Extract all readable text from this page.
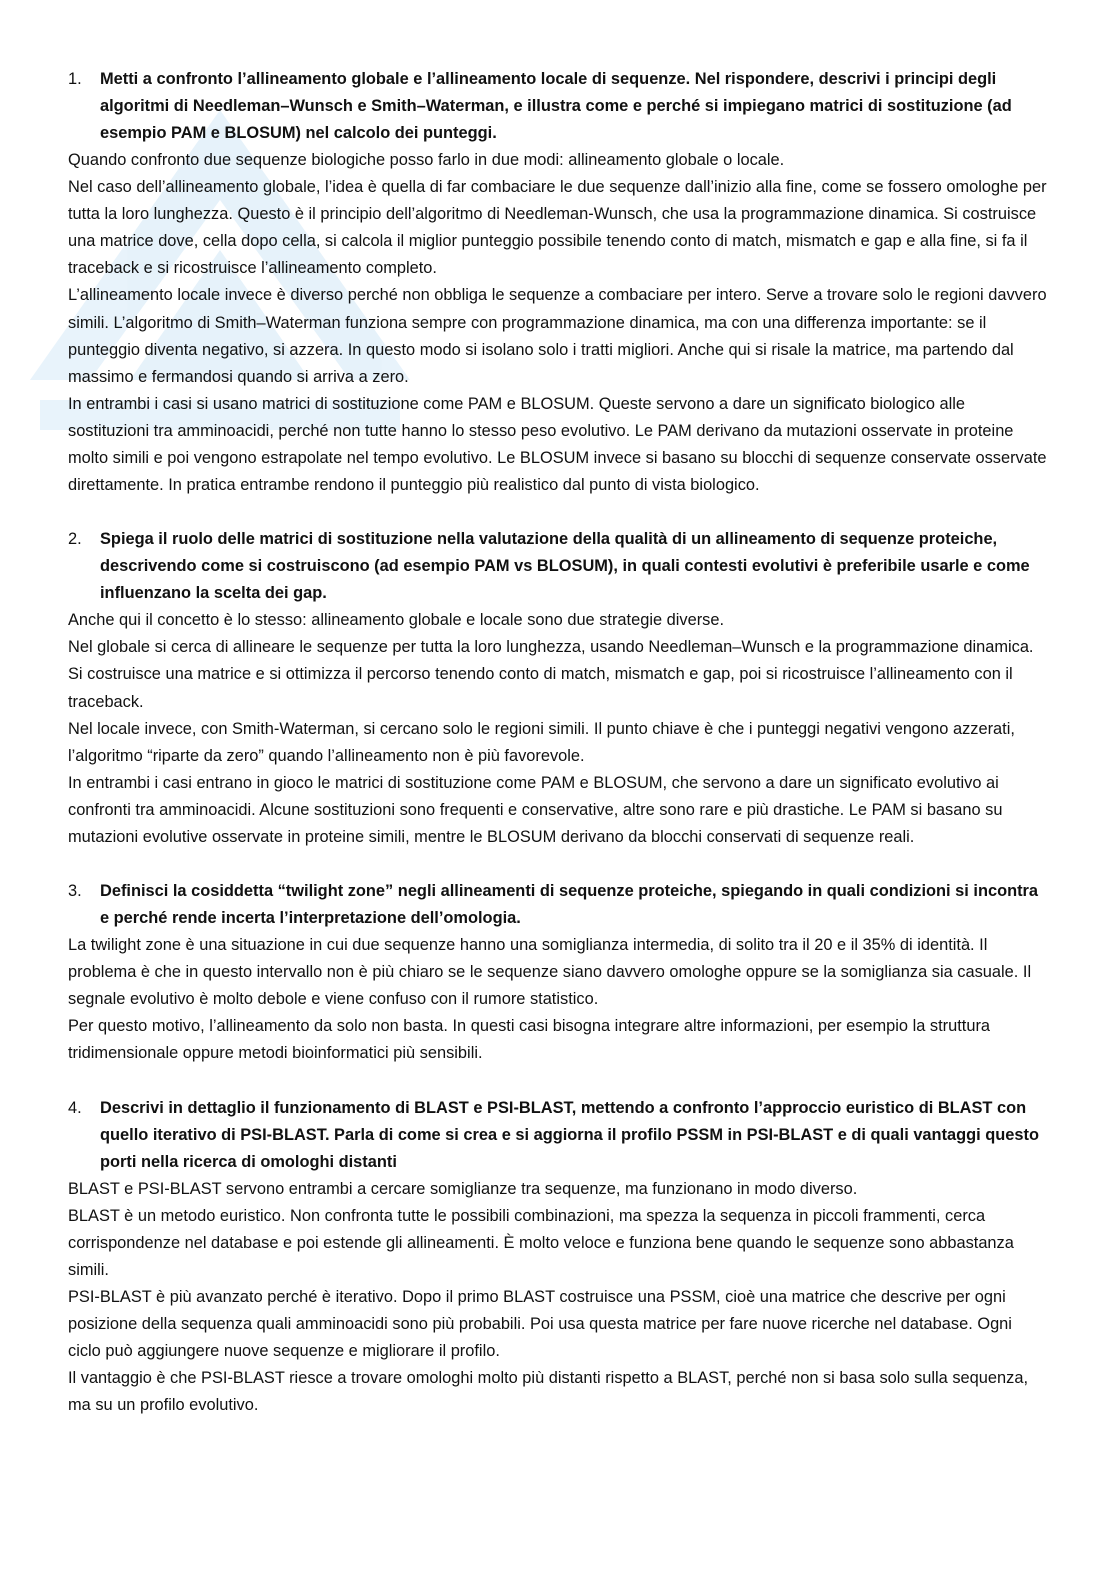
1.	Metti a confronto l’allineamento globale e l’allineamento locale di sequenze. Nel rispondere, descrivi i principi degli algoritmi di Needleman–Wunsch e Smith–Waterman, e illustra come e perché si impiegano matrici di sostituzione (ad esempio PAM e BLOSUM) nel calcolo dei punteggi.

Quando confronto due sequenze biologiche posso farlo in due modi: allineamento globale o locale.

Nel caso dell’allineamento globale, l’idea è quella di far combaciare le due sequenze dall’inizio alla fine, come se fossero omologhe per tutta la loro lunghezza. Questo è il principio dell’algoritmo di Needleman-Wunsch, che usa la programmazione dinamica. Si costruisce una matrice dove, cella dopo cella, si calcola il miglior punteggio possibile tenendo conto di match, mismatch e gap e alla fine, si fa il traceback e si ricostruisce l’allineamento completo.

L’allineamento locale invece è diverso perché non obbliga le sequenze a combaciare per intero. Serve a trovare solo le regioni davvero simili. L’algoritmo di Smith–Waterman funziona sempre con programmazione dinamica, ma con una differenza importante: se il punteggio diventa negativo, si azzera. In questo modo si isolano solo i tratti migliori. Anche qui si risale la matrice, ma partendo dal massimo e fermandosi quando si arriva a zero.

In entrambi i casi si usano matrici di sostituzione come PAM e BLOSUM. Queste servono a dare un significato biologico alle sostituzioni tra amminoacidi, perché non tutte hanno lo stesso peso evolutivo. Le PAM derivano da mutazioni osservate in proteine molto simili e poi vengono estrapolate nel tempo evolutivo. Le BLOSUM invece si basano su blocchi di sequenze conservate osservate direttamente. In pratica entrambe rendono il punteggio più realistico dal punto di vista biologico.

2.	Spiega il ruolo delle matrici di sostituzione nella valutazione della qualità di un allineamento di sequenze proteiche, descrivendo come si costruiscono (ad esempio PAM vs BLOSUM), in quali contesti evolutivi è preferibile usarle e come influenzano la scelta dei gap.

Anche qui il concetto è lo stesso: allineamento globale e locale sono due strategie diverse.

Nel globale si cerca di allineare le sequenze per tutta la loro lunghezza, usando Needleman–Wunsch e la programmazione dinamica. Si costruisce una matrice e si ottimizza il percorso tenendo conto di match, mismatch e gap, poi si ricostruisce l’allineamento con il traceback.

Nel locale invece, con Smith-Waterman, si cercano solo le regioni simili. Il punto chiave è che i punteggi negativi vengono azzerati, l’algoritmo “riparte da zero” quando l’allineamento non è più favorevole.

In entrambi i casi entrano in gioco le matrici di sostituzione come PAM e BLOSUM, che servono a dare un significato evolutivo ai confronti tra amminoacidi. Alcune sostituzioni sono frequenti e conservative, altre sono rare e più drastiche. Le PAM si basano su mutazioni evolutive osservate in proteine simili, mentre le BLOSUM derivano da blocchi conservati di sequenze reali.

3.	Definisci la cosiddetta “twilight zone” negli allineamenti di sequenze proteiche, spiegando in quali condizioni si incontra e perché rende incerta l’interpretazione dell’omologia.

La twilight zone è una situazione in cui due sequenze hanno una somiglianza intermedia, di solito tra il 20 e il 35% di identità. Il problema è che in questo intervallo non è più chiaro se le sequenze siano davvero omologhe oppure se la somiglianza sia casuale. Il segnale evolutivo è molto debole e viene confuso con il rumore statistico.

Per questo motivo, l’allineamento da solo non basta. In questi casi bisogna integrare altre informazioni, per esempio la struttura tridimensionale oppure metodi bioinformatici più sensibili.

4.	Descrivi in dettaglio il funzionamento di BLAST e PSI-BLAST, mettendo a confronto l’approccio euristico di BLAST con quello iterativo di PSI-BLAST. Parla di come si crea e si aggiorna il profilo PSSM in PSI-BLAST e di quali vantaggi questo porti nella ricerca di omologhi distanti

BLAST e PSI-BLAST servono entrambi a cercare somiglianze tra sequenze, ma funzionano in modo diverso.

BLAST è un metodo euristico. Non confronta tutte le possibili combinazioni, ma spezza la sequenza in piccoli frammenti, cerca corrispondenze nel database e poi estende gli allineamenti. È molto veloce e funziona bene quando le sequenze sono abbastanza simili.

PSI-BLAST è più avanzato perché è iterativo. Dopo il primo BLAST costruisce una PSSM, cioè una matrice che descrive per ogni posizione della sequenza quali amminoacidi sono più probabili. Poi usa questa matrice per fare nuove ricerche nel database. Ogni ciclo può aggiungere nuove sequenze e migliorare il profilo.

Il vantaggio è che PSI-BLAST riesce a trovare omologhi molto più distanti rispetto a BLAST, perché non si basa solo sulla sequenza, ma su un profilo evolutivo.
